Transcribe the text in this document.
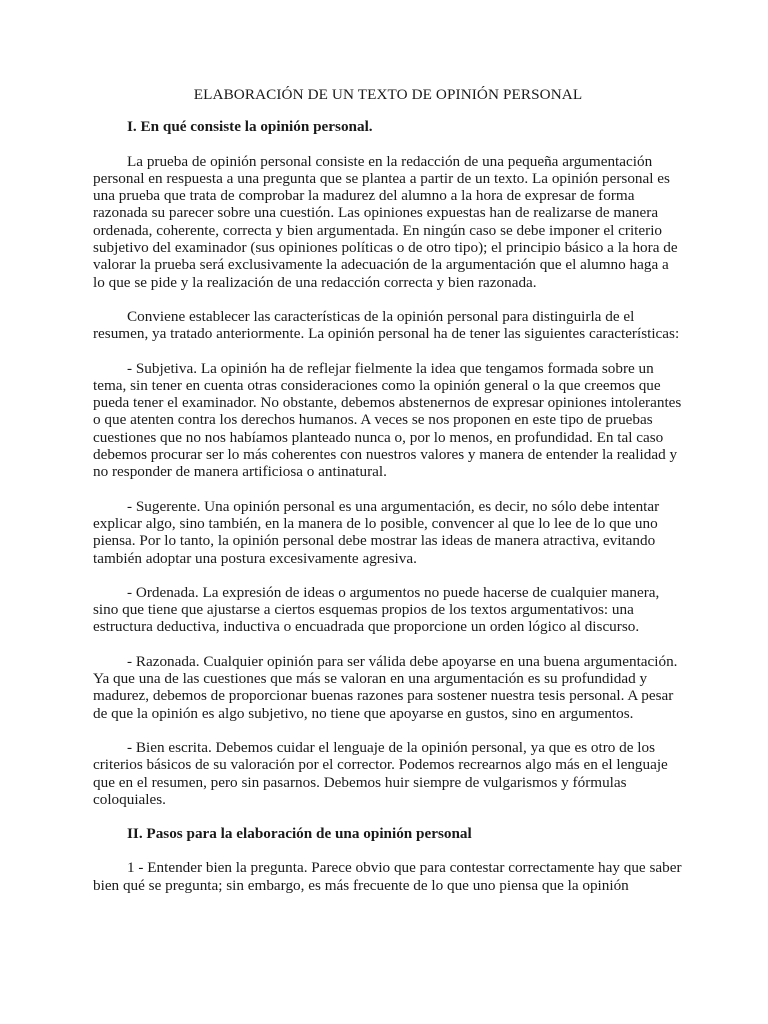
ELABORACIÓN DE UN TEXTO DE OPINIÓN PERSONAL

I. En qué consiste la opinión personal.

La prueba de opinión personal consiste en la redacción de una pequeña argumentación personal en respuesta a una pregunta que se plantea a partir de un texto. La opinión personal es una prueba que trata de comprobar la madurez del alumno a la hora de expresar de forma razonada su parecer sobre una cuestión. Las opiniones expuestas han de realizarse de manera ordenada, coherente, correcta y bien argumentada. En ningún caso se debe imponer el criterio subjetivo del examinador (sus opiniones políticas o de otro tipo); el principio básico a la hora de valorar la prueba será exclusivamente la adecuación de la argumentación que el alumno haga a lo que se pide y la realización de una redacción correcta y bien razonada.

Conviene establecer las características de la opinión personal para distinguirla de el resumen, ya tratado anteriormente. La opinión personal ha de tener las siguientes características:

- Subjetiva. La opinión ha de reflejar fielmente la idea que tengamos formada sobre un tema, sin tener en cuenta otras consideraciones como la opinión general o la que creemos que pueda tener el examinador. No obstante, debemos abstenernos de expresar opiniones intolerantes o que atenten contra los derechos humanos. A veces se nos proponen en este tipo de pruebas cuestiones que no nos habíamos planteado nunca o, por lo menos, en profundidad. En tal caso debemos procurar ser lo más coherentes con nuestros valores y manera de entender la realidad y no responder de manera artificiosa o antinatural.

- Sugerente. Una opinión personal es una argumentación, es decir, no sólo debe intentar explicar algo, sino también, en la manera de lo posible, convencer al que lo lee de lo que uno piensa. Por lo tanto, la opinión personal debe mostrar las ideas de manera atractiva, evitando también adoptar una postura excesivamente agresiva.

- Ordenada. La expresión de ideas o argumentos no puede hacerse de cualquier manera, sino que tiene que ajustarse a ciertos esquemas propios de los textos argumentativos: una estructura deductiva, inductiva o encuadrada que proporcione un orden lógico al discurso.

- Razonada. Cualquier opinión para ser válida debe apoyarse en una buena argumentación. Ya que una de las cuestiones que más se valoran en una argumentación es su profundidad y madurez, debemos de proporcionar buenas razones para sostener nuestra tesis personal. A pesar de que la opinión es algo subjetivo, no tiene que apoyarse en gustos, sino en argumentos.

- Bien escrita. Debemos cuidar el lenguaje de la opinión personal, ya que es otro de los criterios básicos de su valoración por el corrector. Podemos recrearnos algo más en el lenguaje que en el resumen, pero sin pasarnos. Debemos huir siempre de vulgarismos y fórmulas coloquiales.

II. Pasos para la elaboración de una opinión personal

1 - Entender bien la pregunta. Parece obvio que para contestar correctamente hay que saber bien qué se pregunta; sin embargo, es más frecuente de lo que uno piensa que la opinión
